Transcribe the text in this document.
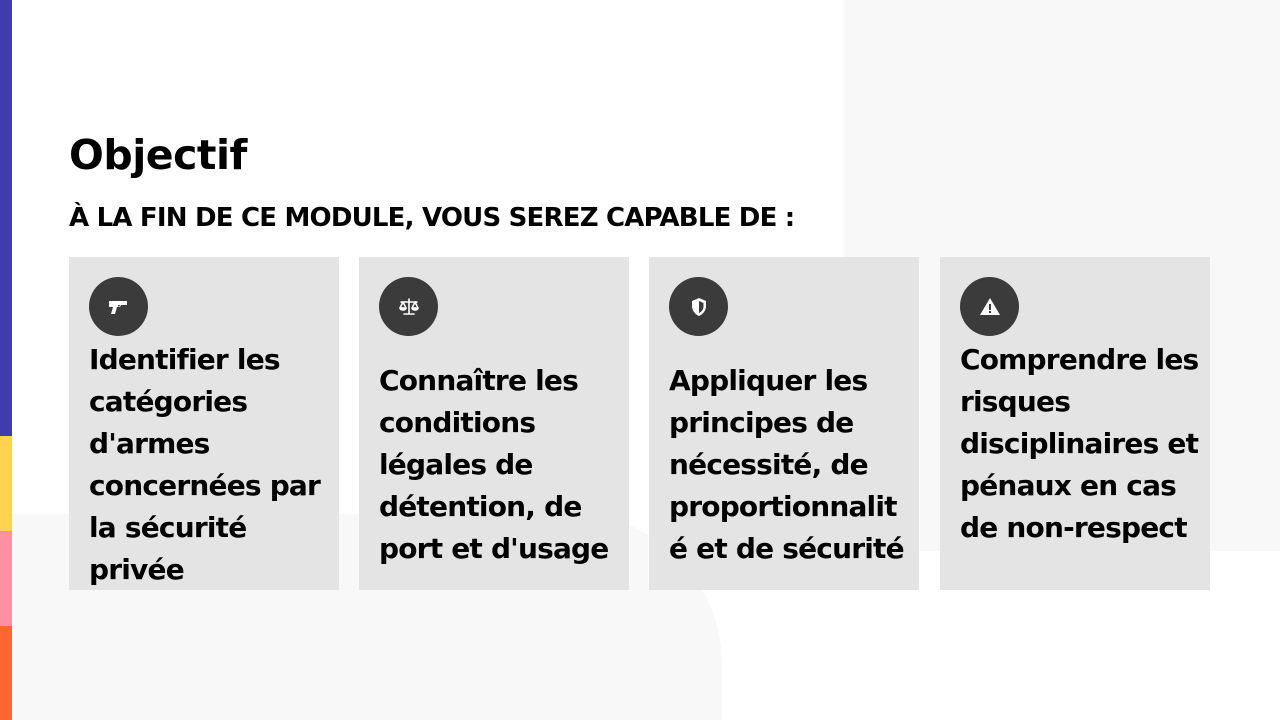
Objectif
À LA FIN DE CE MODULE, VOUS SEREZ CAPABLE DE :
Identifier les catégories d'armes concernées par la sécurité privée
Connaître les conditions légales de détention, de port et d'usage
Appliquer les principes de nécessité, de proportionnalité et de sécurité
Comprendre les risques disciplinaires et pénaux en cas de non-respect
